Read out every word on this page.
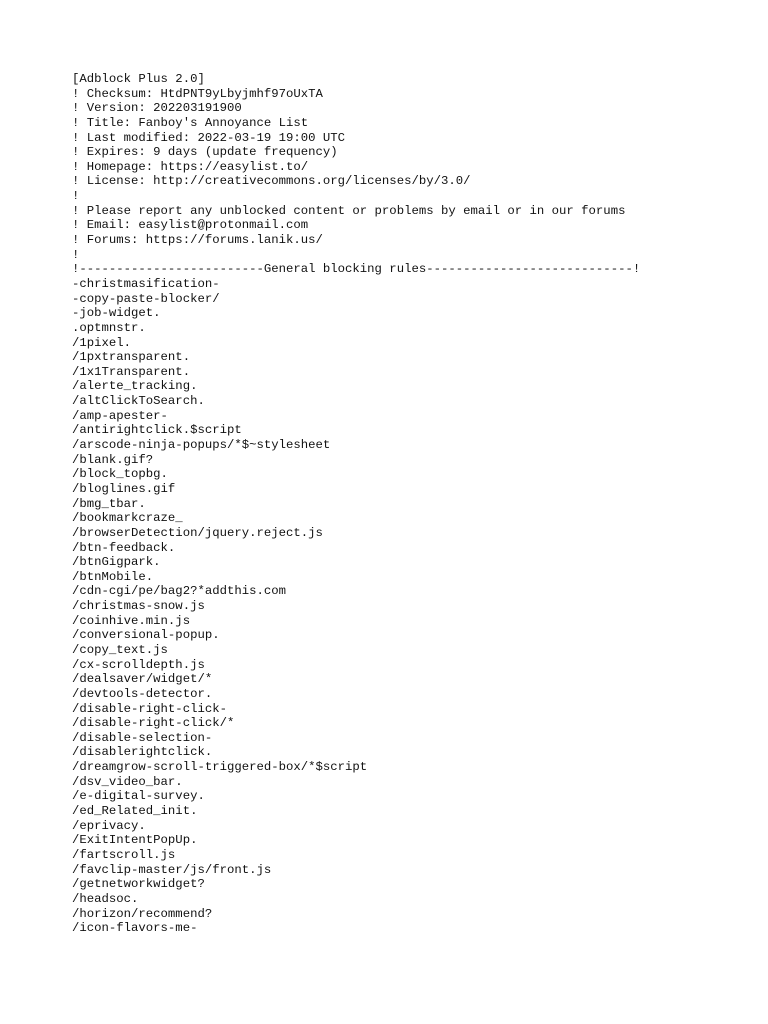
[Adblock Plus 2.0]
! Checksum: HtdPNT9yLbyjmhf97oUxTA
! Version: 202203191900
! Title: Fanboy's Annoyance List
! Last modified: 2022-03-19 19:00 UTC
! Expires: 9 days (update frequency)
! Homepage: https://easylist.to/
! License: http://creativecommons.org/licenses/by/3.0/
!
! Please report any unblocked content or problems by email or in our forums
! Email: easylist@protonmail.com
! Forums: https://forums.lanik.us/
!
!-------------------------General blocking rules----------------------------!
-christmasification-
-copy-paste-blocker/
-job-widget.
.optmnstr.
/1pixel.
/1pxtransparent.
/1x1Transparent.
/alerte_tracking.
/altClickToSearch.
/amp-apester-
/antirightclick.$script
/arscode-ninja-popups/*$~stylesheet
/blank.gif?
/block_topbg.
/bloglines.gif
/bmg_tbar.
/bookmarkcraze_
/browserDetection/jquery.reject.js
/btn-feedback.
/btnGigpark.
/btnMobile.
/cdn-cgi/pe/bag2?*addthis.com
/christmas-snow.js
/coinhive.min.js
/conversional-popup.
/copy_text.js
/cx-scrolldepth.js
/dealsaver/widget/*
/devtools-detector.
/disable-right-click-
/disable-right-click/*
/disable-selection-
/disablerightclick.
/dreamgrow-scroll-triggered-box/*$script
/dsv_video_bar.
/e-digital-survey.
/ed_Related_init.
/eprivacy.
/ExitIntentPopUp.
/fartscroll.js
/favclip-master/js/front.js
/getnetworkwidget?
/headsoc.
/horizon/recommend?
/icon-flavors-me-
